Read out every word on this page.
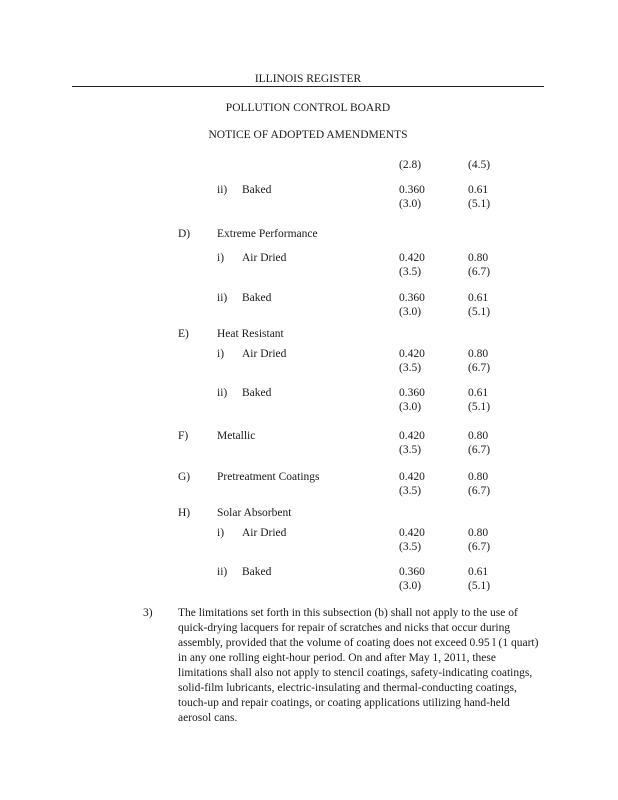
ILLINOIS REGISTER
POLLUTION CONTROL BOARD
NOTICE OF ADOPTED AMENDMENTS
(2.8)	(4.5)
ii) Baked	0.360	0.61
(3.0)	(5.1)
D) Extreme Performance
i) Air Dried	0.420	0.80
(3.5)	(6.7)
ii) Baked	0.360	0.61
(3.0)	(5.1)
E) Heat Resistant
i) Air Dried	0.420	0.80
(3.5)	(6.7)
ii) Baked	0.360	0.61
(3.0)	(5.1)
F)	Metallic	0.420	0.80
(3.5)	(6.7)
G) Pretreatment Coatings	0.420	0.80
(3.5)	(6.7)
H) Solar Absorbent
i) Air Dried	0.420	0.80
(3.5)	(6.7)
ii) Baked	0.360	0.61
(3.0)	(5.1)
3) The limitations set forth in this subsection (b) shall not apply to the use of quick-drying lacquers for repair of scratches and nicks that occur during assembly, provided that the volume of coating does not exceed 0.95 l (1 quart) in any one rolling eight-hour period. On and after May 1, 2011, these limitations shall also not apply to stencil coatings, safety-indicating coatings, solid-film lubricants, electric-insulating and thermal-conducting coatings, touch-up and repair coatings, or coating applications utilizing hand-held aerosol cans.
